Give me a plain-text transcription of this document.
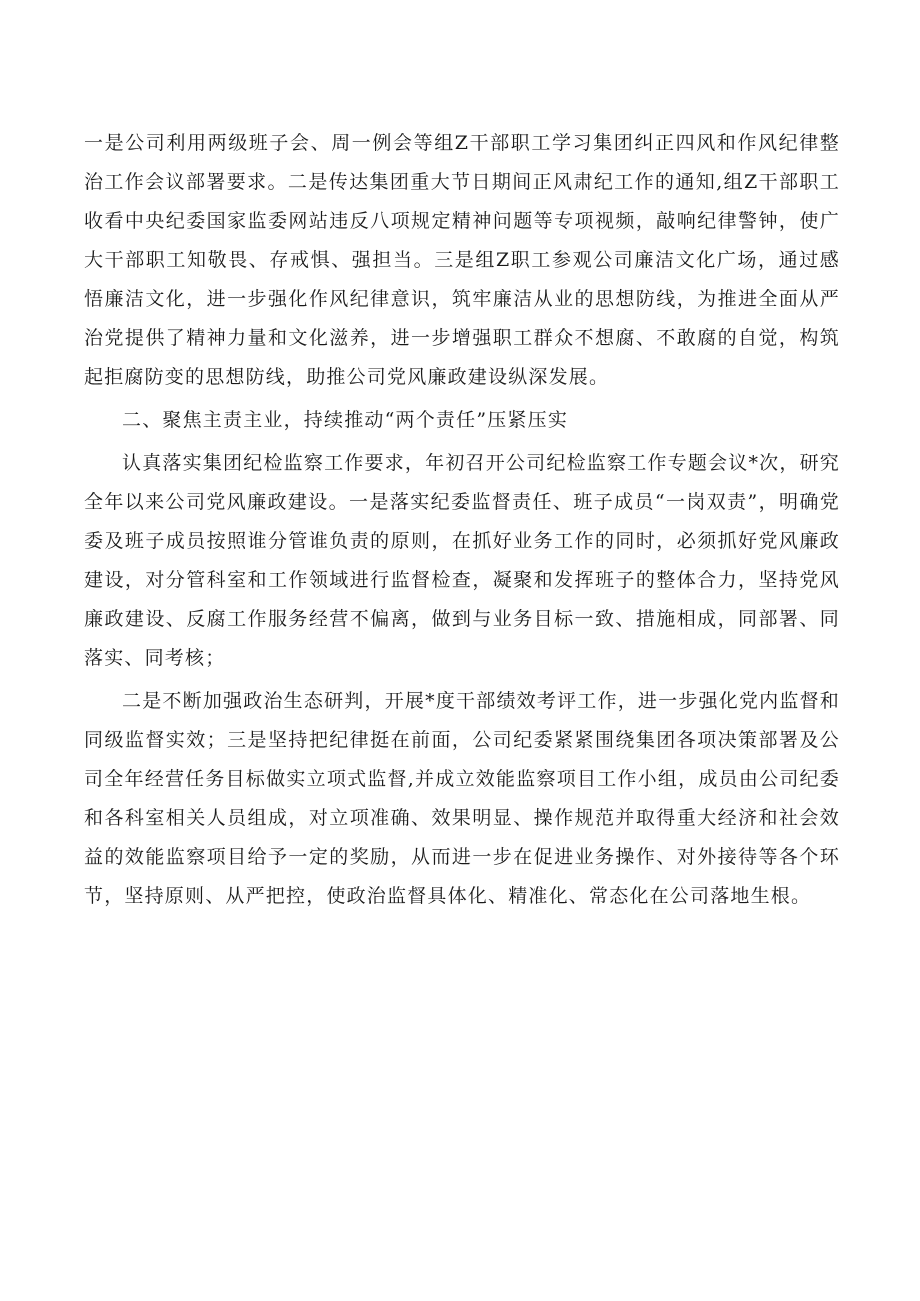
一是公司利用两级班子会、周一例会等组Z干部职工学习集团纠正四风和作风纪律整治工作会议部署要求。二是传达集团重大节日期间正风肃纪工作的通知,组Z干部职工收看中央纪委国家监委网站违反八项规定精神问题等专项视频，敲响纪律警钟，使广大干部职工知敬畏、存戒惧、强担当。三是组Z职工参观公司廉洁文化广场，通过感悟廉洁文化，进一步强化作风纪律意识，筑牢廉洁从业的思想防线，为推进全面从严治党提供了精神力量和文化滋养，进一步增强职工群众不想腐、不敢腐的自觉，构筑起拒腐防变的思想防线，助推公司党风廉政建设纵深发展。

二、聚焦主责主业，持续推动“两个责任”压紧压实

认真落实集团纪检监察工作要求，年初召开公司纪检监察工作专题会议*次，研究全年以来公司党风廉政建设。一是落实纪委监督责任、班子成员“一岗双责”，明确党委及班子成员按照谁分管谁负责的原则，在抓好业务工作的同时，必须抓好党风廉政建设，对分管科室和工作领域进行监督检查，凝聚和发挥班子的整体合力，坚持党风廉政建设、反腐工作服务经营不偏离，做到与业务目标一致、措施相成，同部署、同落实、同考核；

二是不断加强政治生态研判，开展*度干部绩效考评工作，进一步强化党内监督和同级监督实效；三是坚持把纪律挺在前面，公司纪委紧紧围绕集团各项决策部署及公司全年经营任务目标做实立项式监督,并成立效能监察项目工作小组，成员由公司纪委和各科室相关人员组成，对立项准确、效果明显、操作规范并取得重大经济和社会效益的效能监察项目给予一定的奖励，从而进一步在促进业务操作、对外接待等各个环节，坚持原则、从严把控，使政治监督具体化、精准化、常态化在公司落地生根。
